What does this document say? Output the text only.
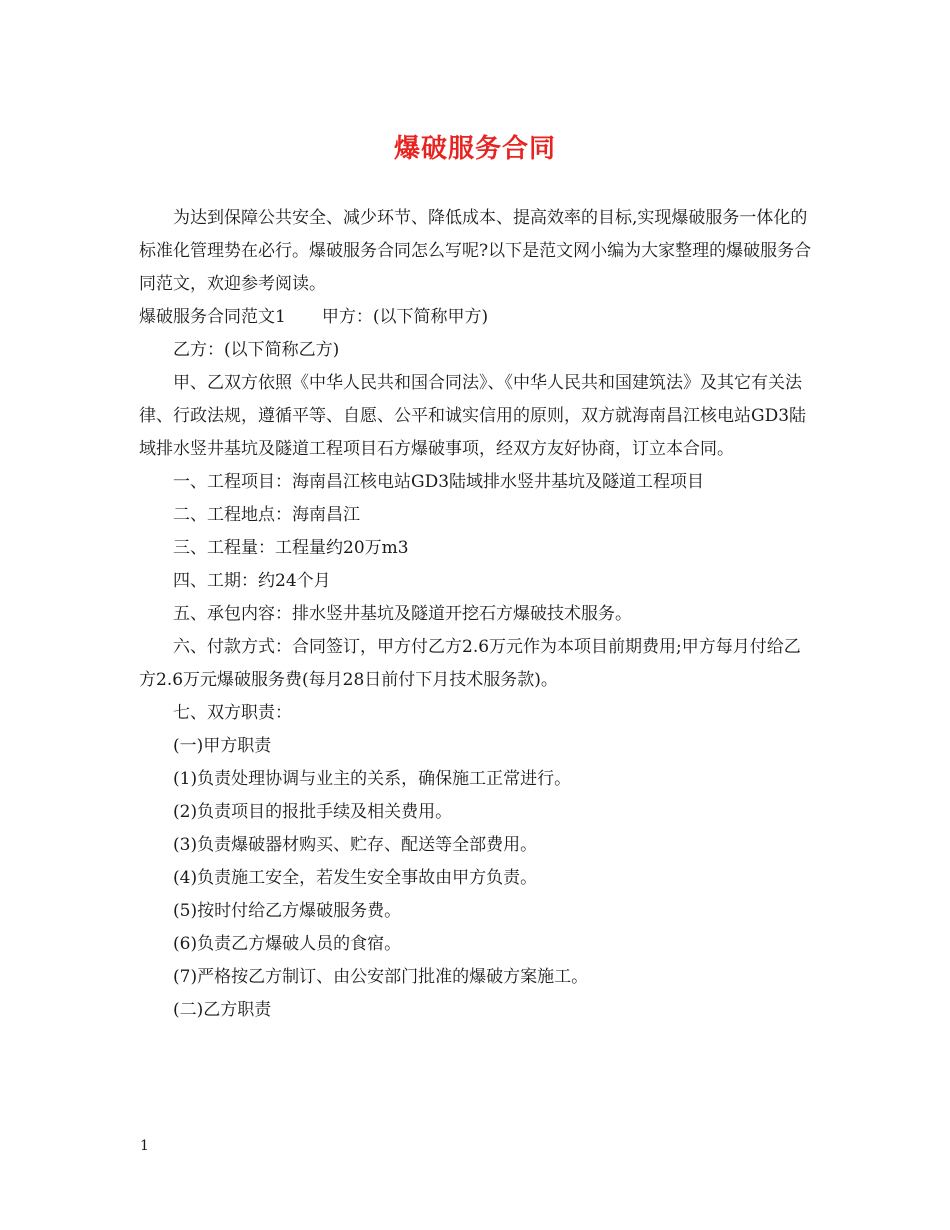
爆破服务合同

为达到保障公共安全、减少环节、降低成本、提高效率的目标,实现爆破服务一体化的标准化管理势在必行。爆破服务合同怎么写呢?以下是范文网小编为大家整理的爆破服务合同范文，欢迎参考阅读。

爆破服务合同范文1 甲方：(以下简称甲方)

乙方：(以下简称乙方)

甲、乙双方依照《中华人民共和国合同法》、《中华人民共和国建筑法》及其它有关法律、行政法规，遵循平等、自愿、公平和诚实信用的原则，双方就海南昌江核电站GD3陆域排水竖井基坑及隧道工程项目石方爆破事项，经双方友好协商，订立本合同。

一、工程项目：海南昌江核电站GD3陆域排水竖井基坑及隧道工程项目

二、工程地点：海南昌江

三、工程量：工程量约20万m3

四、工期：约24个月

五、承包内容：排水竖井基坑及隧道开挖石方爆破技术服务。

六、付款方式：合同签订，甲方付乙方2.6万元作为本项目前期费用;甲方每月付给乙方2.6万元爆破服务费(每月28日前付下月技术服务款)。

七、双方职责：

(一)甲方职责

(1)负责处理协调与业主的关系，确保施工正常进行。

(2)负责项目的报批手续及相关费用。

(3)负责爆破器材购买、贮存、配送等全部费用。

(4)负责施工安全，若发生安全事故由甲方负责。

(5)按时付给乙方爆破服务费。

(6)负责乙方爆破人员的食宿。

(7)严格按乙方制订、由公安部门批准的爆破方案施工。

(二)乙方职责

1
